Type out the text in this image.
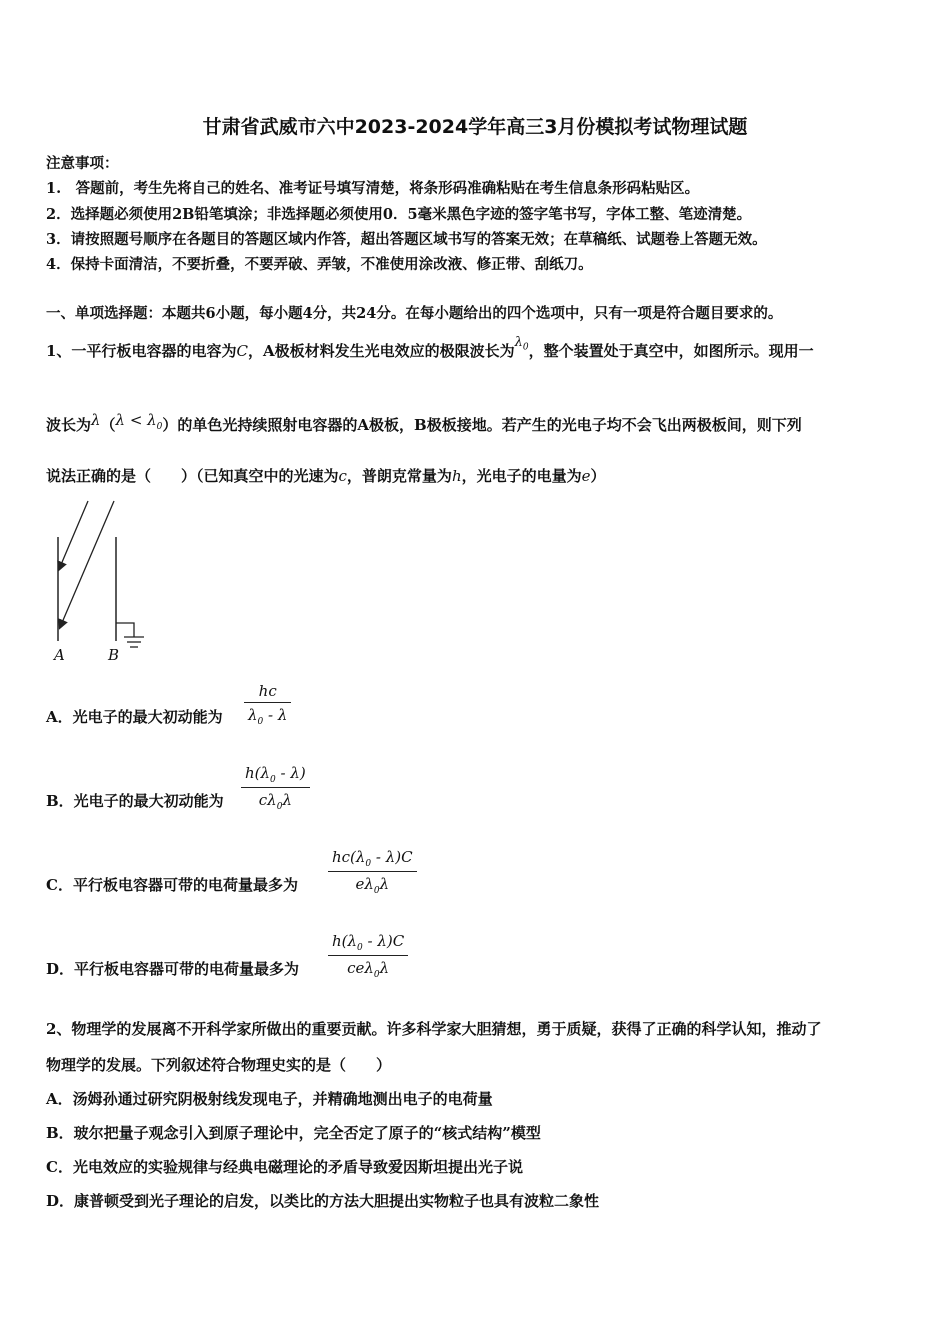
甘肃省武威市六中2023-2024学年高三3月份模拟考试物理试题
注意事项：
1.　答题前，考生先将自己的姓名、准考证号填写清楚，将条形码准确粘贴在考生信息条形码粘贴区。
2．选择题必须使用2B铅笔填涂；非选择题必须使用0．5毫米黑色字迹的签字笔书写，字体工整、笔迹清楚。
3．请按照题号顺序在各题目的答题区域内作答，超出答题区域书写的答案无效；在草稿纸、试题卷上答题无效。
4．保持卡面清洁，不要折叠，不要弄破、弄皱，不准使用涂改液、修正带、刮纸刀。
一、单项选择题：本题共6小题，每小题4分，共24分。在每小题给出的四个选项中，只有一项是符合题目要求的。
1、一平行板电容器的电容为C，A极板材料发生光电效应的极限波长为$\lambda_0$，整个装置处于真空中，如图所示。现用一
波长为$\lambda(\lambda < \lambda_0)$的单色光持续照射电容器的A极板，B极板接地。若产生的光电子均不会飞出两极板间，则下列
说法正确的是（　　）（已知真空中的光速为c，普朗克常量为h，光电子的电量为e）
A	B
A．光电子的最大初动能为
hc
$\lambda_0$ - λ
B．光电子的最大初动能为
$h(\lambda_0 - \lambda)$
$c\lambda_0\lambda$
C．平行板电容器可带的电荷量最多为
$hc(\lambda_0 - \lambda)C$
$e\lambda_0\lambda$
D．平行板电容器可带的电荷量最多为
$h(\lambda_0 - \lambda)C$
ceλ$_0$λ
2、物理学的发展离不开科学家所做出的重要贡献。许多科学家大胆猜想，勇于质疑，获得了正确的科学认知，推动了
物理学的发展。下列叙述符合物理史实的是（　　）
A．汤姆孙通过研究阴极射线发现电子，并精确地测出电子的电荷量
B．玻尔把量子观念引入到原子理论中，完全否定了原子的“核式结构”模型
C．光电效应的实验规律与经典电磁理论的矛盾导致爱因斯坦提出光子说
D．康普顿受到光子理论的启发，以类比的方法大胆提出实物粒子也具有波粒二象性
